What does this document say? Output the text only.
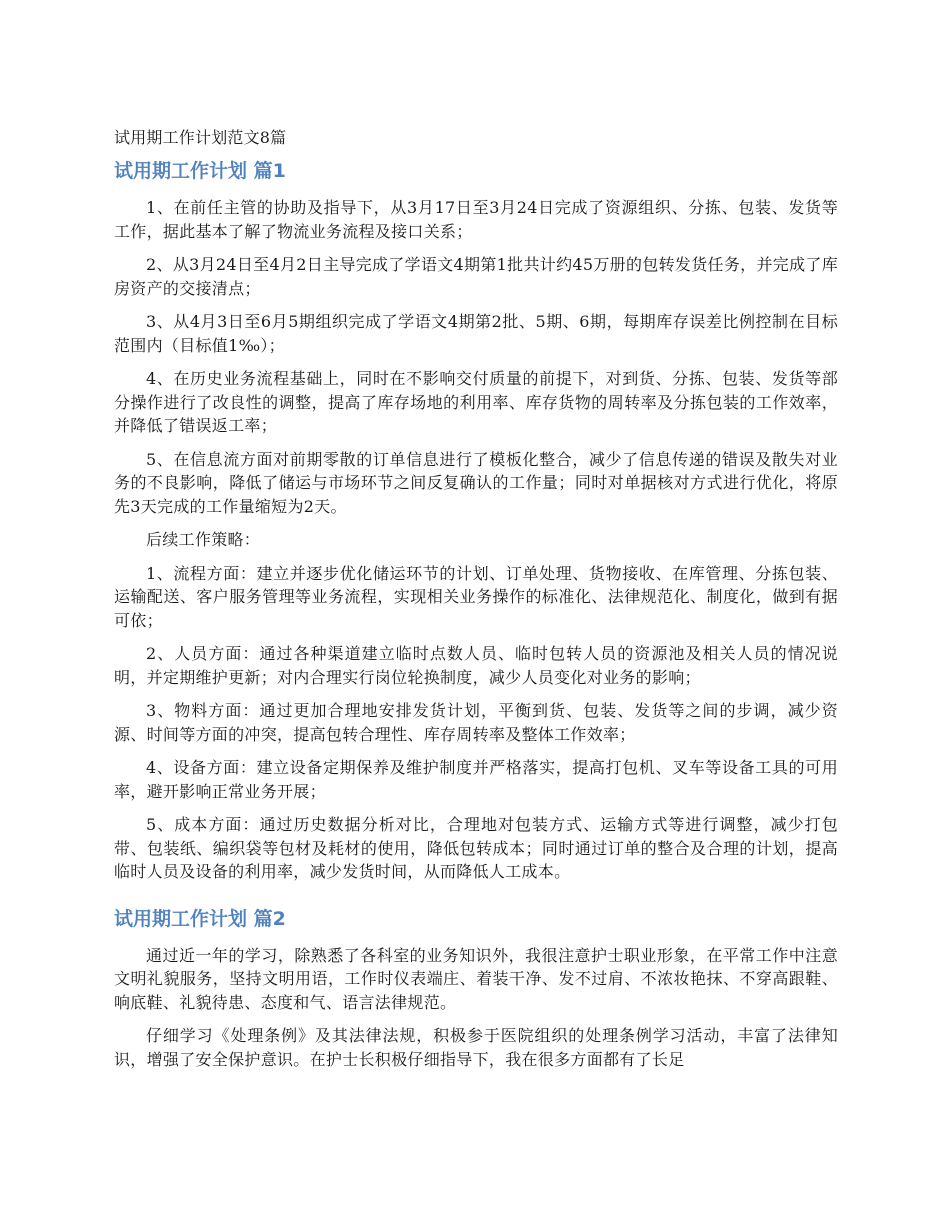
试用期工作计划范文8篇
试用期工作计划 篇1

1、在前任主管的协助及指导下，从3月17日至3月24日完成了资源组织、分拣、包装、发货等工作，据此基本了解了物流业务流程及接口关系；

2、从3月24日至4月2日主导完成了学语文4期第1批共计约45万册的包转发货任务，并完成了库房资产的交接清点；

3、从4月3日至6月5期组织完成了学语文4期第2批、5期、6期，每期库存误差比例控制在目标范围内（目标值1‰）；

4、在历史业务流程基础上，同时在不影响交付质量的前提下，对到货、分拣、包装、发货等部分操作进行了改良性的调整，提高了库存场地的利用率、库存货物的周转率及分拣包装的工作效率，并降低了错误返工率；

5、在信息流方面对前期零散的订单信息进行了模板化整合，减少了信息传递的错误及散失对业务的不良影响，降低了储运与市场环节之间反复确认的工作量；同时对单据核对方式进行优化，将原先3天完成的工作量缩短为2天。

后续工作策略：

1、流程方面：建立并逐步优化储运环节的计划、订单处理、货物接收、在库管理、分拣包装、运输配送、客户服务管理等业务流程，实现相关业务操作的标准化、法律规范化、制度化，做到有据可依；

2、人员方面：通过各种渠道建立临时点数人员、临时包转人员的资源池及相关人员的情况说明，并定期维护更新；对内合理实行岗位轮换制度，减少人员变化对业务的影响；

3、物料方面：通过更加合理地安排发货计划，平衡到货、包装、发货等之间的步调，减少资源、时间等方面的冲突，提高包转合理性、库存周转率及整体工作效率；

4、设备方面：建立设备定期保养及维护制度并严格落实，提高打包机、叉车等设备工具的可用率，避开影响正常业务开展；

5、成本方面：通过历史数据分析对比，合理地对包装方式、运输方式等进行调整，减少打包带、包装纸、编织袋等包材及耗材的使用，降低包转成本；同时通过订单的整合及合理的计划，提高临时人员及设备的利用率，减少发货时间，从而降低人工成本。

试用期工作计划 篇2

通过近一年的学习，除熟悉了各科室的业务知识外，我很注意护士职业形象，在平常工作中注意文明礼貌服务，坚持文明用语，工作时仪表端庄、着装干净、发不过肩、不浓妆艳抹、不穿高跟鞋、响底鞋、礼貌待患、态度和气、语言法律规范。

仔细学习《处理条例》及其法律法规，积极参于医院组织的处理条例学习活动，丰富了法律知识，增强了安全保护意识。在护士长积极仔细指导下，我在很多方面都有了长足
